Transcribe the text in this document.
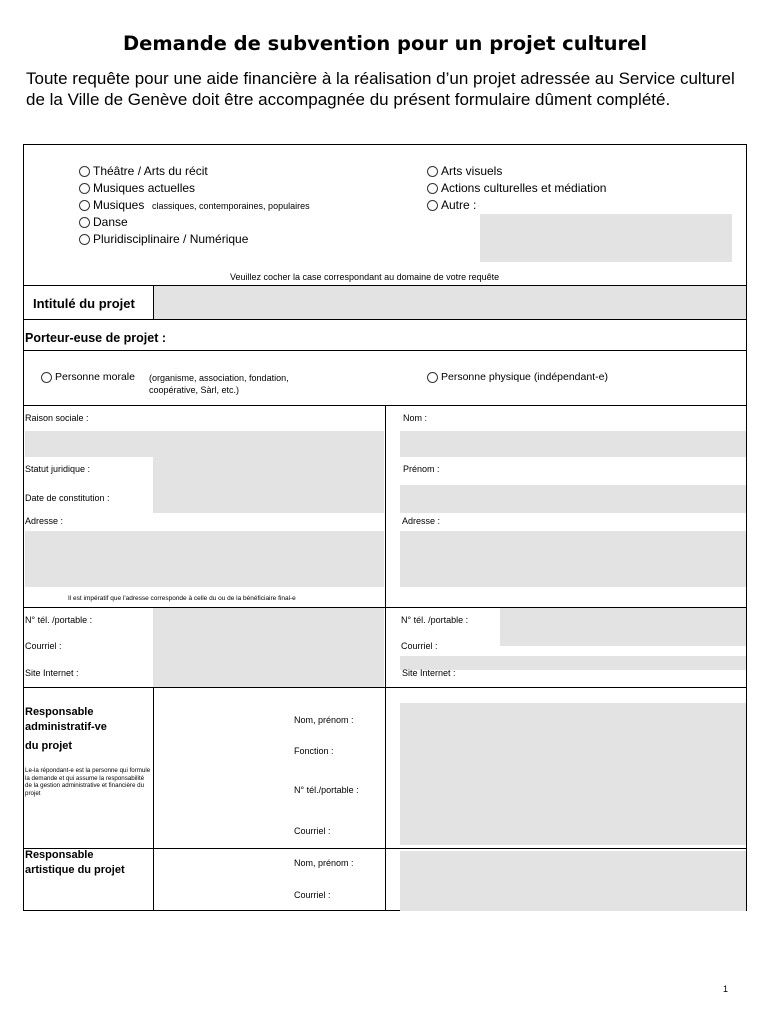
Demande de subvention pour un projet culturel
Toute requête pour une aide financière à la réalisation d’un projet adressée au Service culturel de la Ville de Genève doit être accompagnée du présent formulaire dûment complété.
Théâtre / Arts du récit
Musiques actuelles
Musiques classiques, contemporaines, populaires
Danse
Pluridisciplinaire / Numérique
Arts visuels
Actions culturelles et médiation
Autre :
Veuillez cocher la case correspondant au domaine de votre requête
Intitulé du projet
Porteur-euse de projet :
Personne morale (organisme, association, fondation,
coopérative, Sàrl, etc.)
Personne physique (indépendant-e)
Raison sociale :
Statut juridique :
Date de constitution :
Adresse :
Il est impératif que l'adresse corresponde à celle du ou de la bénéficiaire final-e
N° tél. /portable :
Courriel :
Site Internet :
Nom :
Prénom :
Adresse :
N° tél. /portable :
Courriel :
Site Internet :
Responsable
administratif-ve
du projet
Le-la répondant-e est la personne qui formule la demande et qui assume la responsabilité de la gestion administrative et financière du projet
Nom, prénom :
Fonction :
N° tél./portable :
Courriel :
Responsable
artistique du projet
Nom, prénom :
Courriel :
1
